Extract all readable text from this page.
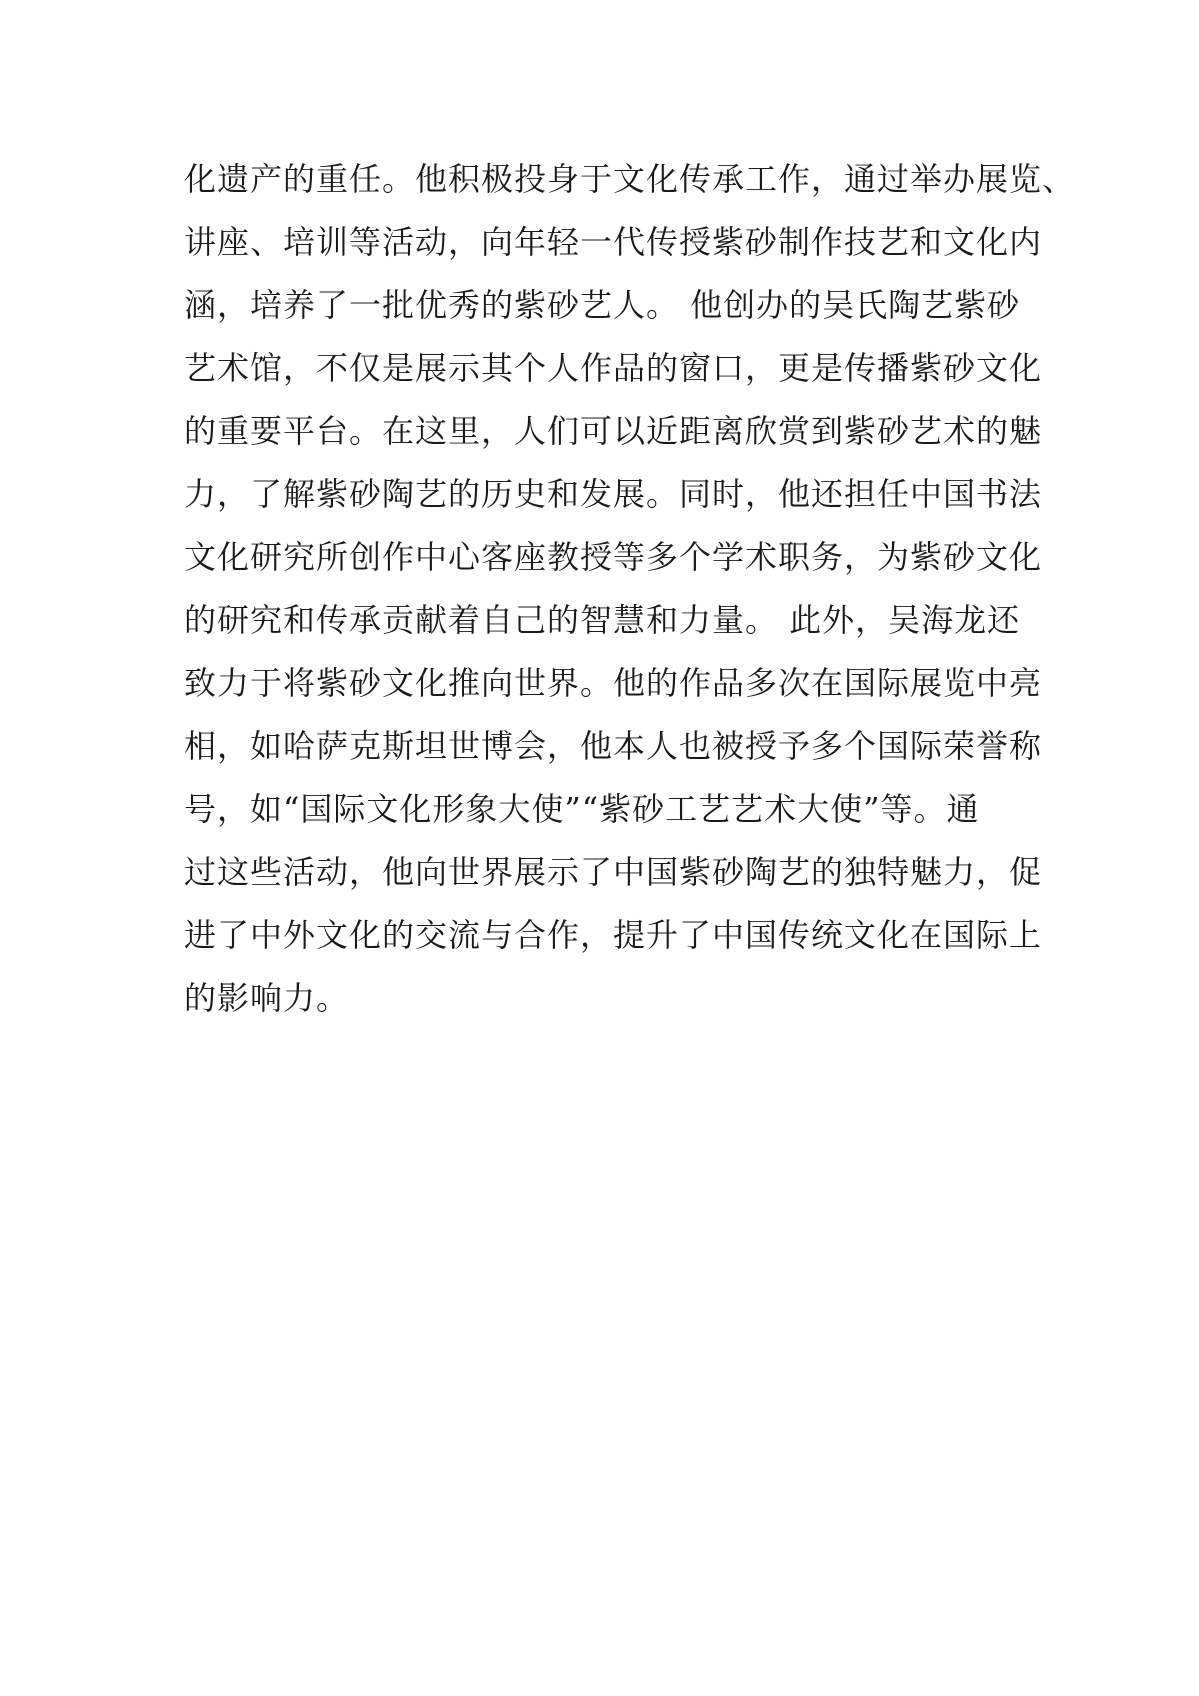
化遗产的重任。他积极投身于文化传承工作，通过举办展览、
讲座、培训等活动，向年轻一代传授紫砂制作技艺和文化内
涵，培养了一批优秀的紫砂艺人。 他创办的吴氏陶艺紫砂
艺术馆，不仅是展示其个人作品的窗口，更是传播紫砂文化
的重要平台。在这里，人们可以近距离欣赏到紫砂艺术的魅
力，了解紫砂陶艺的历史和发展。同时，他还担任中国书法
文化研究所创作中心客座教授等多个学术职务，为紫砂文化
的研究和传承贡献着自己的智慧和力量。 此外，吴海龙还
致力于将紫砂文化推向世界。他的作品多次在国际展览中亮
相，如哈萨克斯坦世博会，他本人也被授予多个国际荣誉称
号，如“国际文化形象大使”“紫砂工艺艺术大使”等。通
过这些活动，他向世界展示了中国紫砂陶艺的独特魅力，促
进了中外文化的交流与合作，提升了中国传统文化在国际上
的影响力。
